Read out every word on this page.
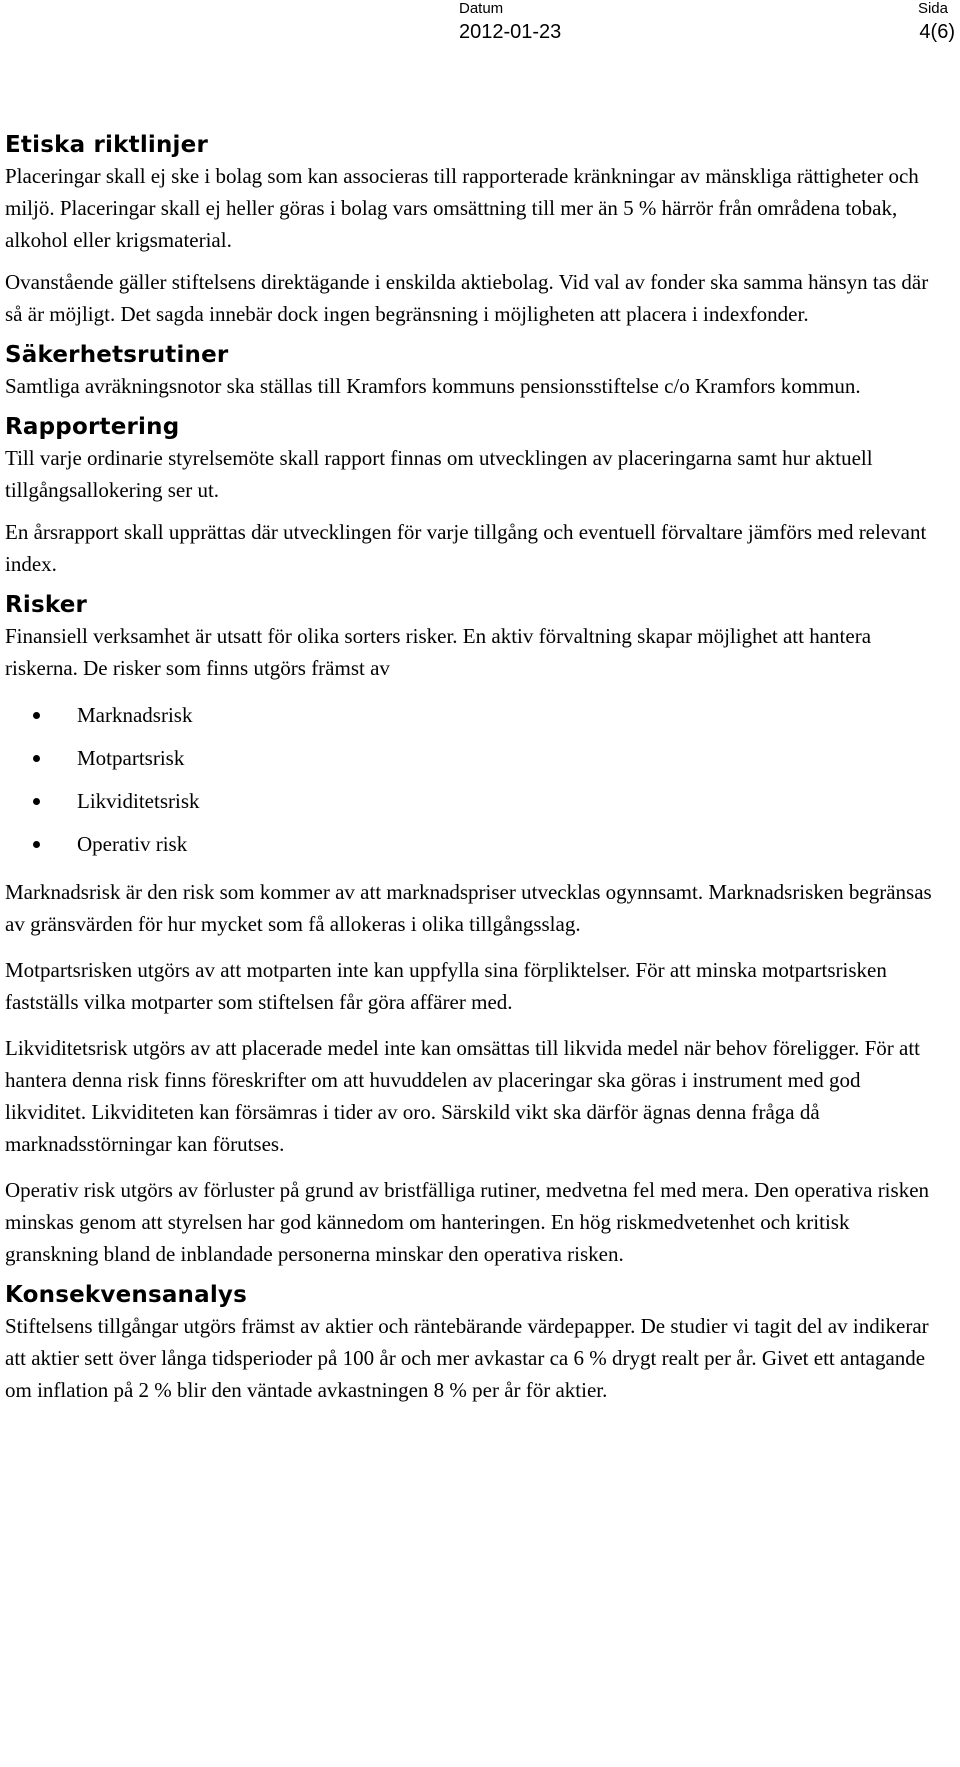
Datum
2012-01-23
Sida
4(6)
Etiska riktlinjer

Placeringar skall ej ske i bolag som kan associeras till rapporterade kränkningar av mänskliga rättigheter och miljö. Placeringar skall ej heller göras i bolag vars omsättning till mer än 5 % härrör från områdena tobak, alkohol eller krigsmaterial.

Ovanstående gäller stiftelsens direktägande i enskilda aktiebolag. Vid val av fonder ska samma hänsyn tas där så är möjligt. Det sagda innebär dock ingen begränsning i möjligheten att placera i indexfonder.

Säkerhetsrutiner

Samtliga avräkningsnotor ska ställas till Kramfors kommuns pensionsstiftelse c/o Kramfors kommun.

Rapportering

Till varje ordinarie styrelsemöte skall rapport finnas om utvecklingen av placeringarna samt hur aktuell tillgångsallokering ser ut.

En årsrapport skall upprättas där utvecklingen för varje tillgång och eventuell förvaltare jämförs med relevant index.

Risker

Finansiell verksamhet är utsatt för olika sorters risker. En aktiv förvaltning skapar möjlighet att hantera riskerna. De risker som finns utgörs främst av

Marknadsrisk
Motpartsrisk
Likviditetsrisk
Operativ risk

Marknadsrisk är den risk som kommer av att marknadspriser utvecklas ogynnsamt. Marknadsrisken begränsas av gränsvärden för hur mycket som få allokeras i olika tillgångsslag.

Motpartsrisken utgörs av att motparten inte kan uppfylla sina förpliktelser. För att minska motpartsrisken fastställs vilka motparter som stiftelsen får göra affärer med.

Likviditetsrisk utgörs av att placerade medel inte kan omsättas till likvida medel när behov föreligger. För att hantera denna risk finns föreskrifter om att huvuddelen av placeringar ska göras i instrument med god likviditet. Likviditeten kan försämras i tider av oro. Särskild vikt ska därför ägnas denna fråga då marknadsstörningar kan förutses.

Operativ risk utgörs av förluster på grund av bristfälliga rutiner, medvetna fel med mera. Den operativa risken minskas genom att styrelsen har god kännedom om hanteringen. En hög riskmedvetenhet och kritisk granskning bland de inblandade personerna minskar den operativa risken.

Konsekvensanalys

Stiftelsens tillgångar utgörs främst av aktier och räntebärande värdepapper. De studier vi tagit del av indikerar att aktier sett över långa tidsperioder på 100 år och mer avkastar ca 6 % drygt realt per år. Givet ett antagande om inflation på 2 % blir den väntade avkastningen 8 % per år för aktier.
